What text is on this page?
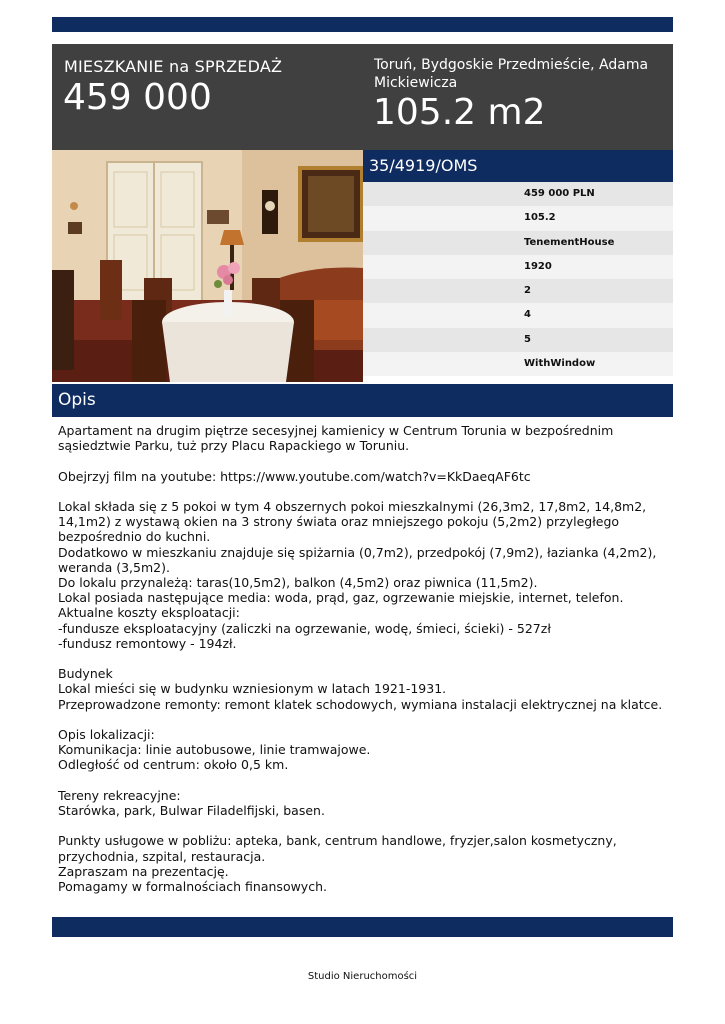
MIESZKANIE na SPRZEDAŻ
459 000
Toruń, Bydgoskie Przedmieście, Adama Mickiewicza
105.2 m2
35/4919/OMS
459 000 PLN
105.2
TenementHouse
1920
2
4
5
WithWindow
Opis

Apartament na drugim piętrze secesyjnej kamienicy w Centrum Torunia w bezpośrednim

sąsiedztwie Parku, tuż przy Placu Rapackiego w Toruniu.

Obejrzyj film na youtube: https://www.youtube.com/watch?v=KkDaeqAF6tc

Lokal składa się z 5 pokoi w tym 4 obszernych pokoi mieszkalnymi (26,3m2, 17,8m2, 14,8m2,

14,1m2) z wystawą okien na 3 strony świata oraz mniejszego pokoju (5,2m2) przyległego

bezpośrednio do kuchni.

Dodatkowo w mieszkaniu znajduje się spiżarnia (0,7m2), przedpokój (7,9m2), łazianka (4,2m2),

weranda (3,5m2).

Do lokalu przynależą: taras(10,5m2), balkon (4,5m2) oraz piwnica (11,5m2).

Lokal posiada następujące media: woda, prąd, gaz, ogrzewanie miejskie, internet, telefon.

Aktualne koszty eksploatacji:

-fundusze eksploatacyjny (zaliczki na ogrzewanie, wodę, śmieci, ścieki) - 527zł

-fundusz remontowy - 194zł.

Budynek

Lokal mieści się w budynku wzniesionym w latach 1921-1931.

Przeprowadzone remonty: remont klatek schodowych, wymiana instalacji elektrycznej na klatce.

Opis lokalizacji:

Komunikacja: linie autobusowe, linie tramwajowe.

Odległość od centrum: około 0,5 km.

Tereny rekreacyjne:

Starówka, park, Bulwar Filadelfijski, basen.

Punkty usługowe w pobliżu: apteka, bank, centrum handlowe, fryzjer,salon kosmetyczny,

przychodnia, szpital, restauracja.

Zapraszam na prezentację.

Pomagamy w formalnościach finansowych.

Studio Nieruchomości
